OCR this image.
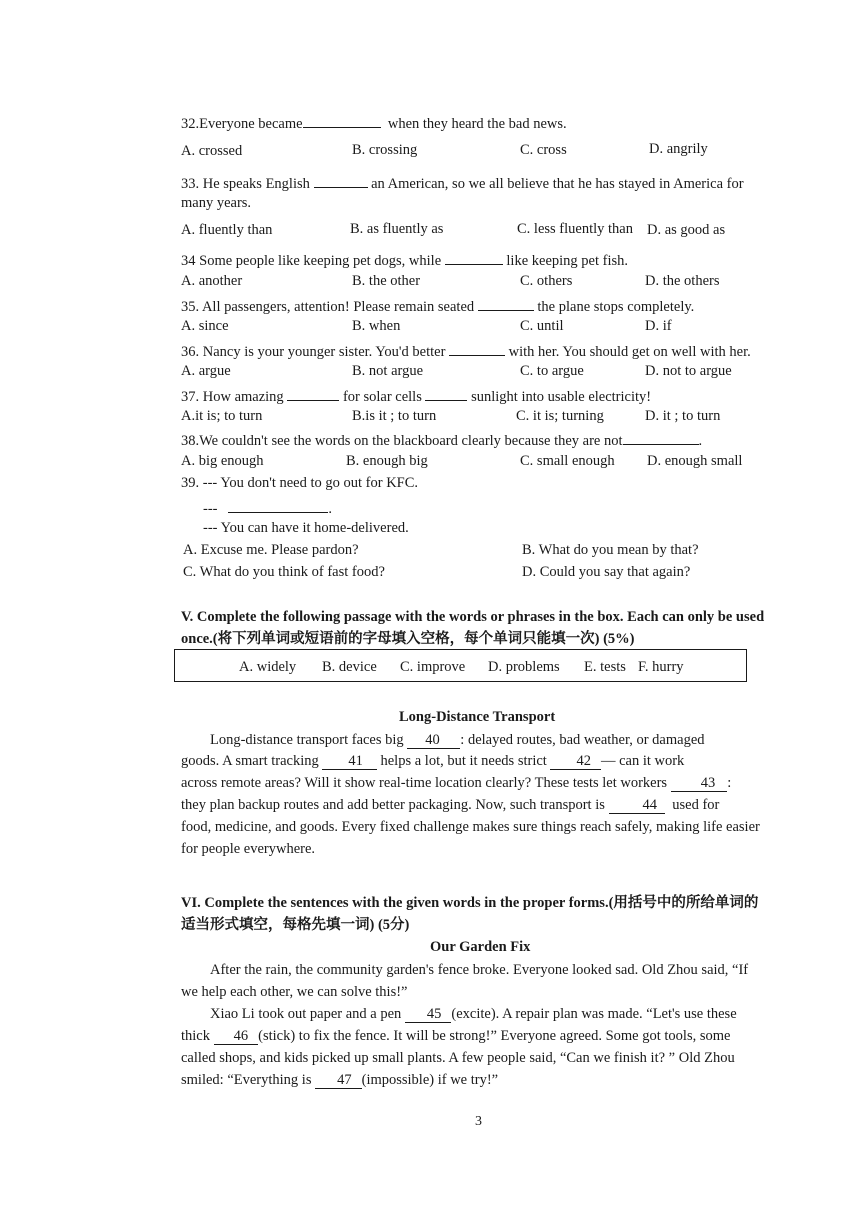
32.Everyone became	when they heard the bad news.
A. crossed	B. crossing	C. cross	D. angrily
33. He speaks English	an American, so we all believe that he has stayed in America for
many years.
A. fluently than	B. as fluently as	C. less fluently than D. as good as
34 Some people like keeping pet dogs, while	like keeping pet fish.
A. another	B. the other	C. others	D. the others
35. All passengers, attention! Please remain seated	the plane stops completely.
A. since	B. when	C. until	D. if
36. Nancy is your younger sister. You'd better	with her. You should get on well with her.
A. argue	B. not argue	C. to argue	D. not to argue
37. How amazing	for solar cells	sunlight into usable electricity!
A.it is; to turn	B.is it ; to turn	C. it is; turning	D. it ; to turn
38.We couldn't see the words on the blackboard clearly because they are not	.
A. big enough	B. enough big	C. small enough D. enough small
39. --- You don't need to go out for KFC.
---	.
--- You can have it home-delivered.
A. Excuse me. Please pardon?	B. What do you mean by that?
C. What do you think of fast food?	D. Could you say that again?
V. Complete the following passage with the words or phrases in the box. Each can only be used
once.(将下列单词或短语前的字母填入空格，每个单词只能填一次) (5%)
A. widely B. device C. improve D. problems E. tests F. hurry
Long-Distance Transport
Long-distance transport faces big 40 : delayed routes, bad weather, or damaged
goods. A smart tracking 41 helps a lot, but it needs strict 42 — can it work
across remote areas? Will it show real-time location clearly? These tests let workers 43 :
they plan backup routes and add better packaging. Now, such transport is	44 used for
food, medicine, and goods. Every fixed challenge makes sure things reach safely, making life easier
for people everywhere.
VI. Complete the sentences with the given words in the proper forms.(用括号中的所给单词的
适当形式填空，每格先填一词) (5分)
Our Garden Fix
After the rain, the community garden's fence broke. Everyone looked sad. Old Zhou said, “If
we help each other, we can solve this!”
Xiao Li took out paper and a pen 45 (excite). A repair plan was made. “Let's use these
thick 46 (stick) to fix the fence. It will be strong!” Everyone agreed. Some got tools, some
called shops, and kids picked up small plants. A few people said, “Can we finish it? ” Old Zhou
smiled: “Everything is 47 (impossible) if we try!”
3
